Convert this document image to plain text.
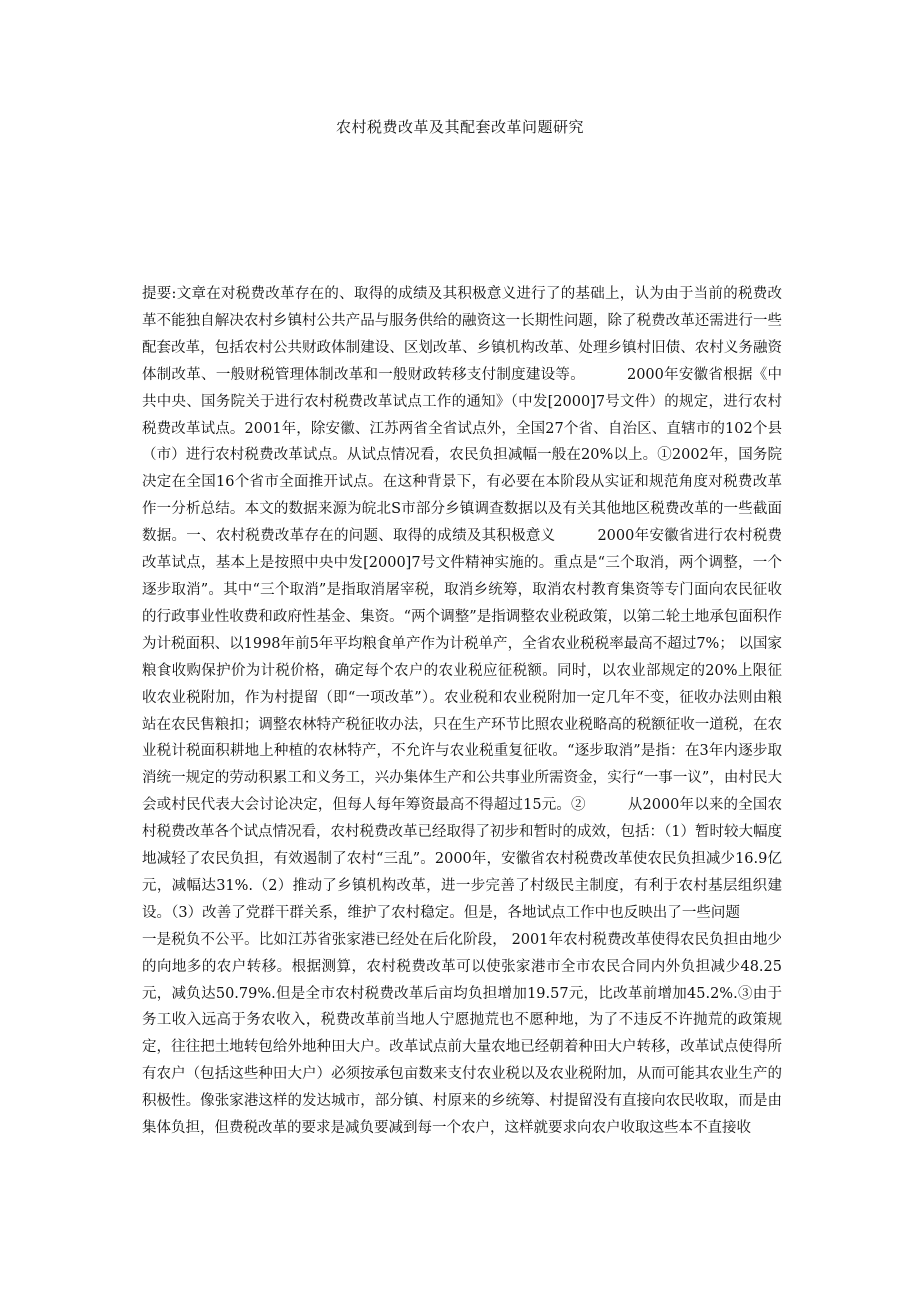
农村税费改革及其配套改革问题研究

提要:文章在对税费改革存在的、取得的成绩及其积极意义进行了的基础上，认为由于当前的税费改革不能独自解决农村乡镇村公共产品与服务供给的融资这一长期性问题，除了税费改革还需进行一些配套改革，包括农村公共财政体制建设、区划改革、乡镇机构改革、处理乡镇村旧债、农村义务融资体制改革、一般财税管理体制改革和一般财政转移支付制度建设等。	2000年安徽省根据《中共中央、国务院关于进行农村税费改革试点工作的通知》（中发[2000]7号文件）的规定，进行农村税费改革试点。2001年，除安徽、江苏两省全省试点外，全国27个省、自治区、直辖市的102个县（市）进行农村税费改革试点。从试点情况看，农民负担减幅一般在20%以上。①2002年，国务院决定在全国16个省市全面推开试点。在这种背景下，有必要在本阶段从实证和规范角度对税费改革作一分析总结。本文的数据来源为皖北S市部分乡镇调查数据以及有关其他地区税费改革的一些截面数据。一、农村税费改革存在的问题、取得的成绩及其积极意义	2000年安徽省进行农村税费改革试点，基本上是按照中央中发[2000]7号文件精神实施的。重点是“三个取消，两个调整，一个逐步取消”。其中“三个取消”是指取消屠宰税，取消乡统筹，取消农村教育集资等专门面向农民征收的行政事业性收费和政府性基金、集资。“两个调整”是指调整农业税政策，以第二轮土地承包面积作为计税面积、以1998年前5年平均粮食单产作为计税单产，全省农业税税率最高不超过7%； 以国家粮食收购保护价为计税价格，确定每个农户的农业税应征税额。同时，以农业部规定的20%上限征收农业税附加，作为村提留（即“一项改革”）。农业税和农业税附加一定几年不变，征收办法则由粮站在农民售粮扣；调整农林特产税征收办法，只在生产环节比照农业税略高的税额征收一道税，在农业税计税面积耕地上种植的农林特产，不允许与农业税重复征收。“逐步取消”是指：在3年内逐步取消统一规定的劳动积累工和义务工，兴办集体生产和公共事业所需资金，实行“一事一议”，由村民大会或村民代表大会讨论决定，但每人每年筹资最高不得超过15元。②	从2000年以来的全国农村税费改革各个试点情况看，农村税费改革已经取得了初步和暂时的成效，包括：（1）暂时较大幅度地减轻了农民负担，有效遏制了农村“三乱”。2000年，安徽省农村税费改革使农民负担减少16.9亿元，减幅达31%.（2）推动了乡镇机构改革，进一步完善了村级民主制度，有利于农村基层组织建设。（3）改善了党群干群关系，维护了农村稳定。但是，各地试点工作中也反映出了一些问题一是税负不公平。比如江苏省张家港已经处在后化阶段， 2001年农村税费改革使得农民负担由地少的向地多的农户转移。根据测算，农村税费改革可以使张家港市全市农民合同内外负担减少48.25元，减负达50.79%.但是全市农村税费改革后亩均负担增加19.57元，比改革前增加45.2%.③由于务工收入远高于务农收入，税费改革前当地人宁愿抛荒也不愿种地，为了不违反不许抛荒的政策规定，往往把土地转包给外地种田大户。改革试点前大量农地已经朝着种田大户转移，改革试点使得所有农户（包括这些种田大户）必须按承包亩数来支付农业税以及农业税附加，从而可能其农业生产的积极性。像张家港这样的发达城市，部分镇、村原来的乡统筹、村提留没有直接向农民收取，而是由集体负担，但费税改革的要求是减负要减到每一个农户，这样就要求向农户收取这些本不直接收
